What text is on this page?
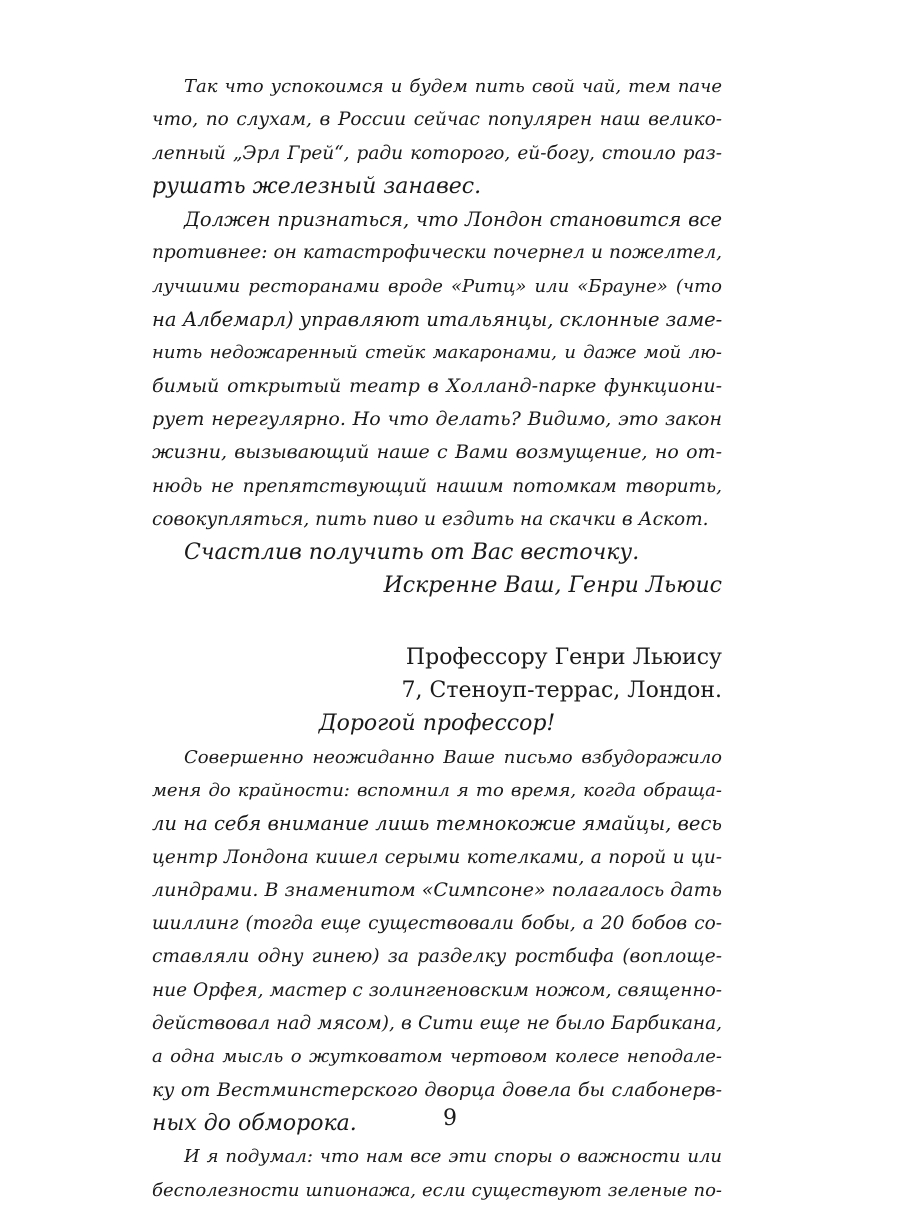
Так что успокоимся и будем пить свой чай, тем паче
что, по слухам, в России сейчас популярен наш велико-
лепный „Эрл Грей“, ради которого, ей-богу, стоило раз-
рушать железный занавес.
Должен признаться, что Лондон становится все
противнее: он катастрофически почернел и пожелтел,
лучшими ресторанами вроде «Ритц» или «Брауне» (что
на Албемарл) управляют итальянцы, склонные заме-
нить недожаренный стейк макаронами, и даже мой лю-
бимый открытый театр в Холланд-парке функциони-
рует нерегулярно. Но что делать? Видимо, это закон
жизни, вызывающий наше с Вами возмущение, но от-
нюдь не препятствующий нашим потомкам творить,
совокупляться, пить пиво и ездить на скачки в Аскот.
Счастлив получить от Вас весточку.
Искренне Ваш, Генри Льюис
Профессору Генри Льюису
7, Стеноуп-террас, Лондон.
Дорогой профессор!
Совершенно неожиданно Ваше письмо взбудоражило
меня до крайности: вспомнил я то время, когда обраща-
ли на себя внимание лишь темнокожие ямайцы, весь
центр Лондона кишел серыми котелками, а порой и ци-
линдрами. В знаменитом «Симпсоне» полагалось дать
шиллинг (тогда еще существовали бобы, а 20 бобов со-
ставляли одну гинею) за разделку ростбифа (воплоще-
ние Орфея, мастер с золингеновским ножом, священно-
действовал над мясом), в Сити еще не было Барбикана,
а одна мысль о жутковатом чертовом колесе неподале-
ку от Вестминстерского дворца довела бы слабонерв-
ных до обморока.
И я подумал: что нам все эти споры о важности или
бесполезности шпионажа, если существуют зеленые по-
9
